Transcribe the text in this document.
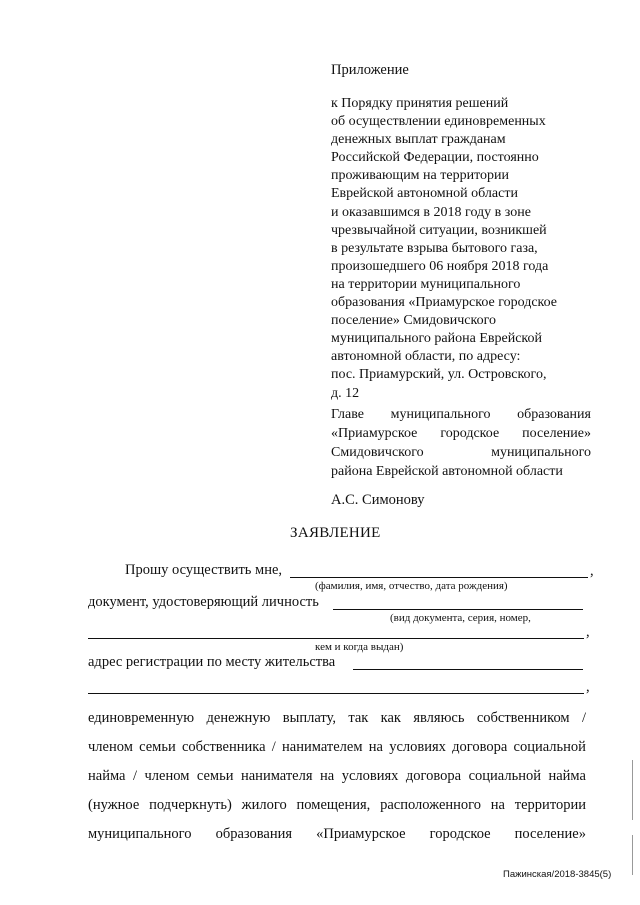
Приложение
к Порядку принятия решений
об осуществлении единовременных
денежных выплат гражданам
Российской Федерации, постоянно
проживающим на территории
Еврейской автономной области
и оказавшимся в 2018 году в зоне
чрезвычайной ситуации, возникшей
в результате взрыва бытового газа,
произошедшего 06 ноября 2018 года
на территории муниципального
образования «Приамурское городское
поселение» Смидовичского
муниципального района Еврейской
автономной области, по адресу:
пос. Приамурский, ул. Островского,
д. 12
Главе муниципального образования
«Приамурское городское поселение»
Смидовичского	муниципального
района Еврейской автономной области
А.С. Симонову
ЗАЯВЛЕНИЕ
Прошу осуществить мне,	,
(фамилия, имя, отчество, дата рождения)
документ, удостоверяющий личность
(вид документа, серия, номер,
,
кем и когда выдан)
адрес регистрации по месту жительства
,
единовременную денежную выплату, так как являюсь собственником /
членом семьи собственника / нанимателем на условиях договора социальной
найма / членом семьи нанимателя на условиях договора социальной найма
(нужное подчеркнуть) жилого помещения, расположенного на территории
муниципального образования «Приамурское городское поселение»
Пажинская/2018-3845(5)
